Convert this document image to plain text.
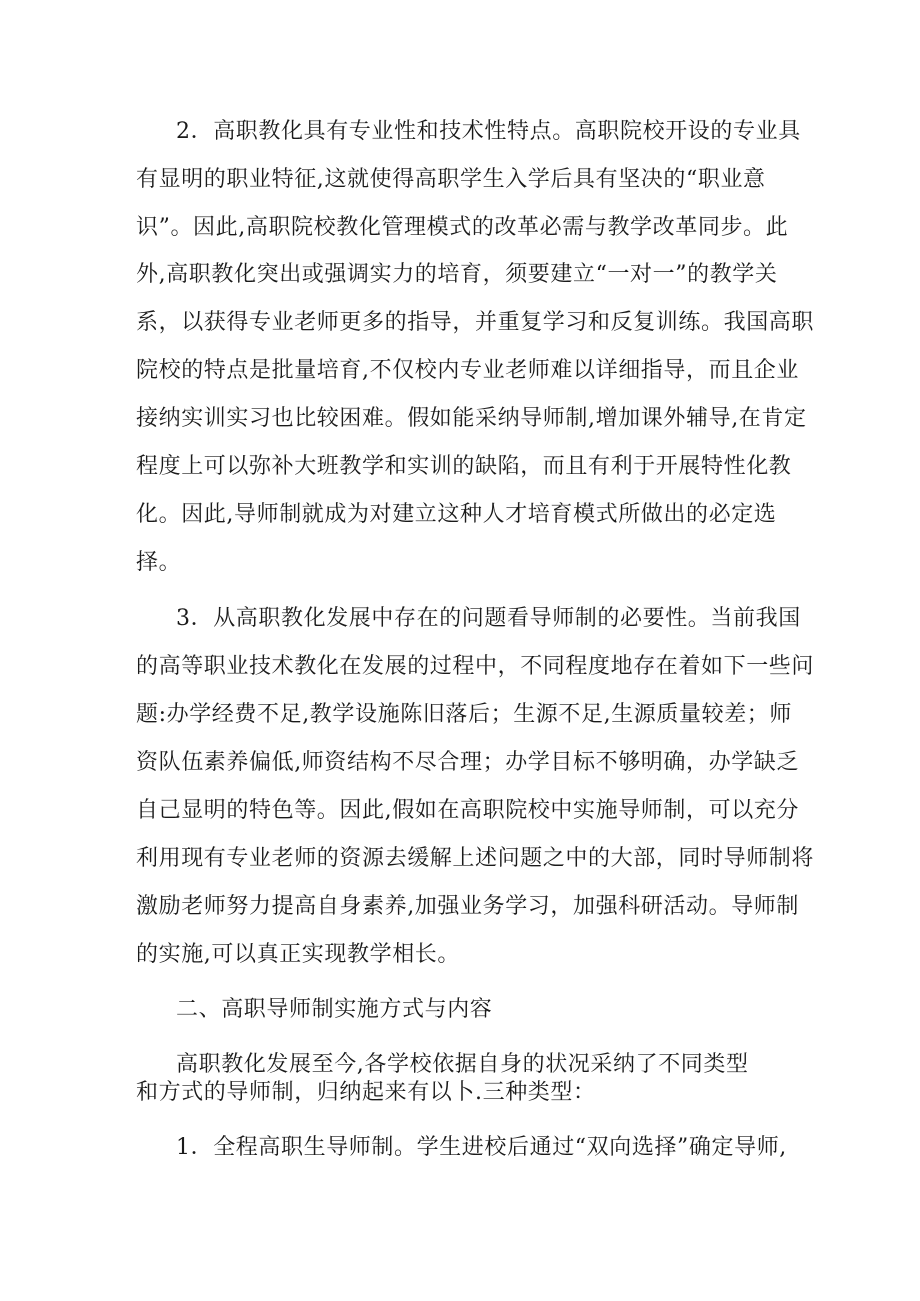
2．高职教化具有专业性和技术性特点。高职院校开设的专业具

有显明的职业特征,这就使得高职学生入学后具有坚决的“职业意

识”。因此,高职院校教化管理模式的改革必需与教学改革同步。此

外,高职教化突出或强调实力的培育，须要建立“一对一”的教学关

系，以获得专业老师更多的指导，并重复学习和反复训练。我国高职

院校的特点是批量培育,不仅校内专业老师难以详细指导，而且企业

接纳实训实习也比较困难。假如能采纳导师制,增加课外辅导,在肯定

程度上可以弥补大班教学和实训的缺陷，而且有利于开展特性化教

化。因此,导师制就成为对建立这种人才培育模式所做出的必定选

择。

3．从高职教化发展中存在的问题看导师制的必要性。当前我国

的高等职业技术教化在发展的过程中，不同程度地存在着如下一些问

题:办学经费不足,教学设施陈旧落后；生源不足,生源质量较差；师

资队伍素养偏低,师资结构不尽合理；办学目标不够明确，办学缺乏

自己显明的特色等。因此,假如在高职院校中实施导师制，可以充分

利用现有专业老师的资源去缓解上述问题之中的大部，同时导师制将

激励老师努力提高自身素养,加强业务学习，加强科研活动。导师制

的实施,可以真正实现教学相长。

二、高职导师制实施方式与内容

高职教化发展至今,各学校依据自身的状况采纳了不同类型

和方式的导师制，归纳起来有以卜.三种类型：

1．全程高职生导师制。学生进校后通过“双向选择”确定导师,
